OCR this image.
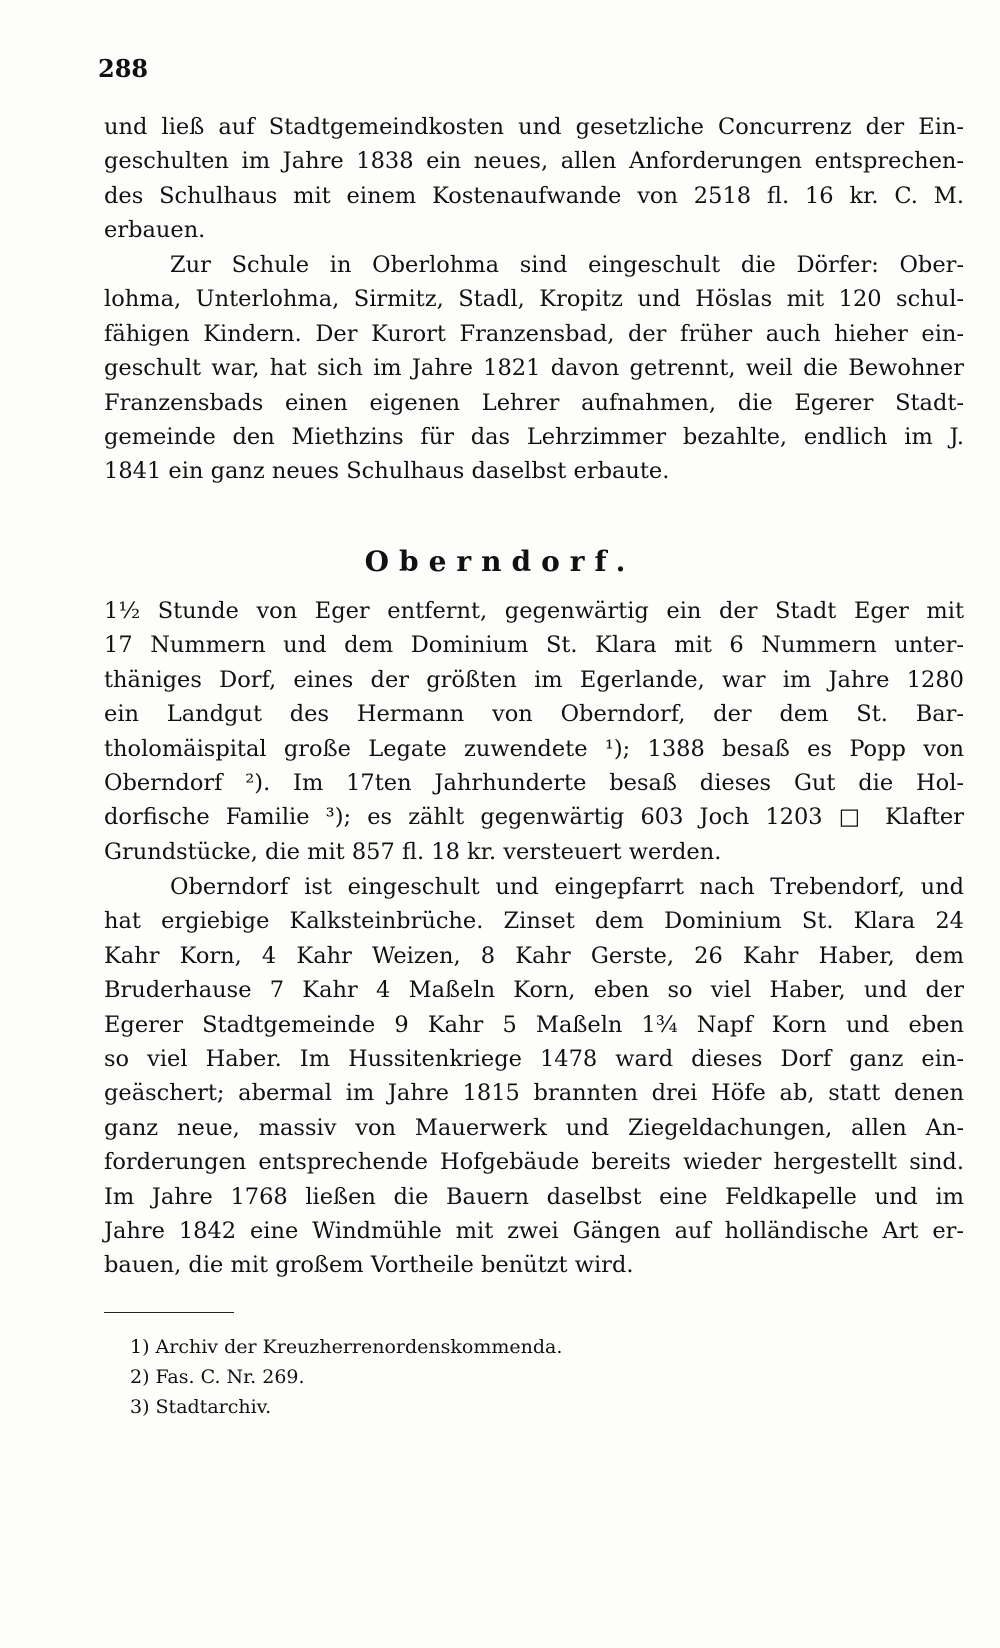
288
und ließ auf Stadtgemeindkosten und gesetzliche Concurrenz der Ein-
geschulten im Jahre 1838 ein neues, allen Anforderungen entsprechen-
des Schulhaus mit einem Kostenaufwande von 2518 fl. 16 kr. C. M.
erbauen.
Zur Schule in Oberlohma sind eingeschult die Dörfer: Ober-
lohma, Unterlohma, Sirmitz, Stadl, Kropitz und Höslas mit 120 schul-
fähigen Kindern. Der Kurort Franzensbad, der früher auch hieher ein-
geschult war, hat sich im Jahre 1821 davon getrennt, weil die Bewohner
Franzensbads einen eigenen Lehrer aufnahmen, die Egerer Stadt-
gemeinde den Miethzins für das Lehrzimmer bezahlte, endlich im J.
1841 ein ganz neues Schulhaus daselbst erbaute.
Oberndorf.
1½ Stunde von Eger entfernt, gegenwärtig ein der Stadt Eger mit
17 Nummern und dem Dominium St. Klara mit 6 Nummern unter-
thäniges Dorf, eines der größten im Egerlande, war im Jahre 1280
ein Landgut des Hermann von Oberndorf, der dem St. Bar-
tholomäispital große Legate zuwendete ¹); 1388 besaß es Popp von
Oberndorf ²). Im 17ten Jahrhunderte besaß dieses Gut die Hol-
dorfische Familie ³); es zählt gegenwärtig 603 Joch 1203 □ Klafter
Grundstücke, die mit 857 fl. 18 kr. versteuert werden.
Oberndorf ist eingeschult und eingepfarrt nach Trebendorf, und
hat ergiebige Kalksteinbrüche. Zinset dem Dominium St. Klara 24
Kahr Korn, 4 Kahr Weizen, 8 Kahr Gerste, 26 Kahr Haber, dem
Bruderhause 7 Kahr 4 Maßeln Korn, eben so viel Haber, und der
Egerer Stadtgemeinde 9 Kahr 5 Maßeln 1¾ Napf Korn und eben
so viel Haber. Im Hussitenkriege 1478 ward dieses Dorf ganz ein-
geäschert; abermal im Jahre 1815 brannten drei Höfe ab, statt denen
ganz neue, massiv von Mauerwerk und Ziegeldachungen, allen An-
forderungen entsprechende Hofgebäude bereits wieder hergestellt sind.
Im Jahre 1768 ließen die Bauern daselbst eine Feldkapelle und im
Jahre 1842 eine Windmühle mit zwei Gängen auf holländische Art er-
bauen, die mit großem Vortheile benützt wird.
1) Archiv der Kreuzherrenordenskommenda.
2) Fas. C. Nr. 269.
3) Stadtarchiv.
